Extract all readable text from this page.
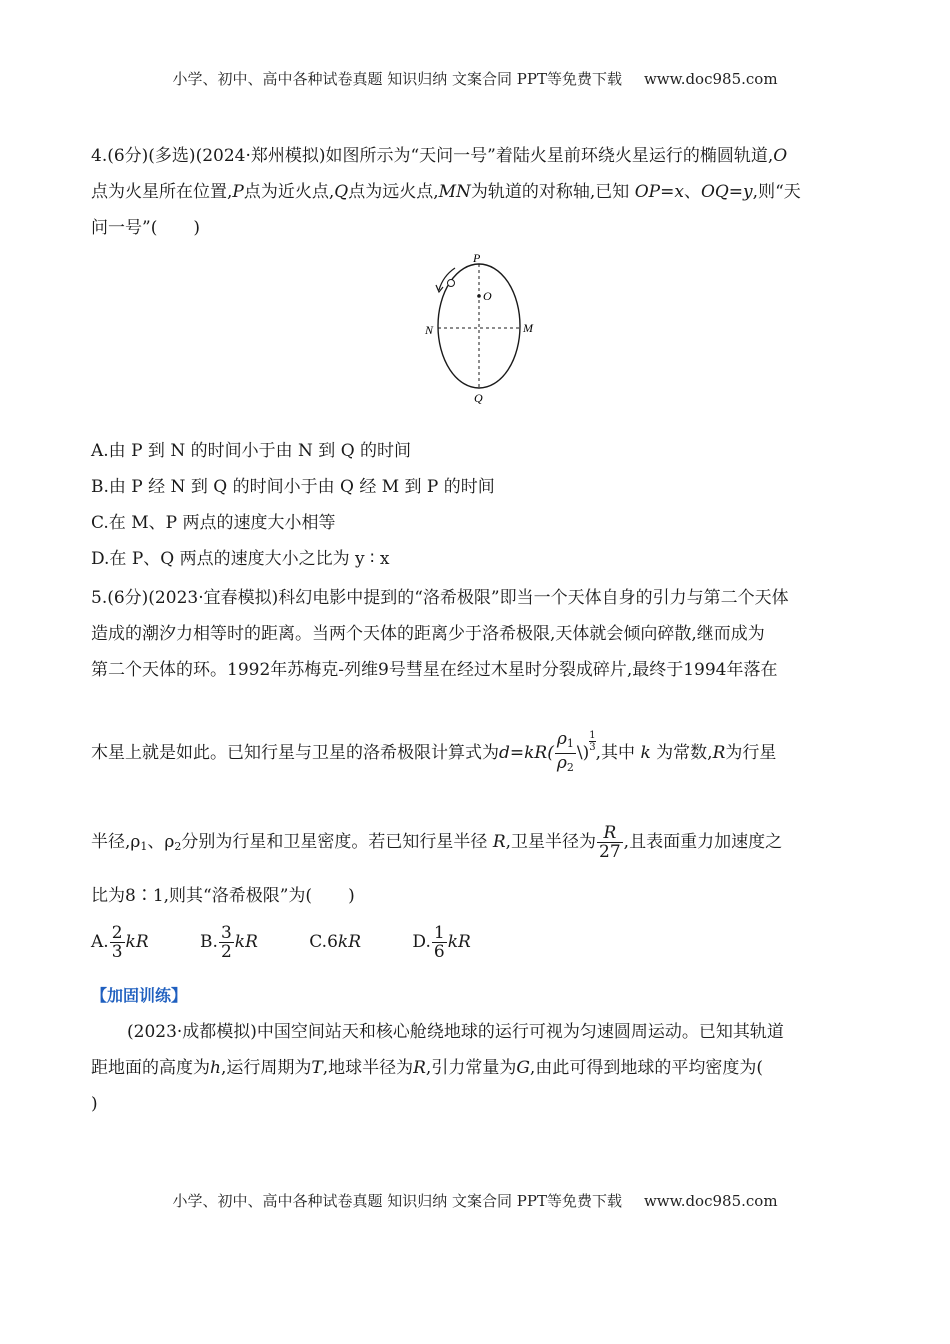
小学、初中、高中各种试卷真题 知识归纳 文案合同 PPT等免费下载 www.doc985.com
4.(6分)(多选)(2024·郑州模拟)如图所示为“天问一号”着陆火星前环绕火星运行的椭圆轨道,O
点为火星所在位置,P点为近火点,Q点为远火点,MN为轨道的对称轴,已知 OP=x、OQ=y,则“天
问一号”( )
P
O
N	M
Q
A.由 P 到 N 的时间小于由 N 到 Q 的时间
B.由 P 经 N 到 Q 的时间小于由 Q 经 M 到 P 的时间
C.在 M、P 两点的速度大小相等
D.在 P、Q 两点的速度大小之比为 y ∶ x
5.(6分)(2023·宜春模拟)科幻电影中提到的“洛希极限”即当一个天体自身的引力与第二个天体
造成的潮汐力相等时的距离。当两个天体的距离少于洛希极限,天体就会倾向碎散,继而成为
第二个天体的环。1992年苏梅克-列维9号彗星在经过木星时分裂成碎片,最终于1994年落在
木星上就是如此。已知行星与卫星的洛希极限计算式为$d=kR( \frac{\rho_1}{\rho_2}$ \) $\frac{1}{3}$,其中 k 为常数,R为行星
半径$,\rho_1$、$\rho_2$分别为行星和卫星密度。若已知行星半径 R,卫星半径为 $\frac{R}{27}$ ,且表面重力加速度之
比为8∶1,则其“洛希极限”为( )
A. $\frac{2}{3}$ kR	B. $\frac{3}{2}$ kR	C.6kR	D. $\frac{1}{6}$ kR
【加固训练】
(2023·成都模拟)中国空间站天和核心舱绕地球的运行可视为匀速圆周运动。已知其轨道
距地面的高度为h,运行周期为T,地球半径为R,引力常量为G,由此可得到地球的平均密度为(
)
小学、初中、高中各种试卷真题 知识归纳 文案合同 PPT等免费下载 www.doc985.com
